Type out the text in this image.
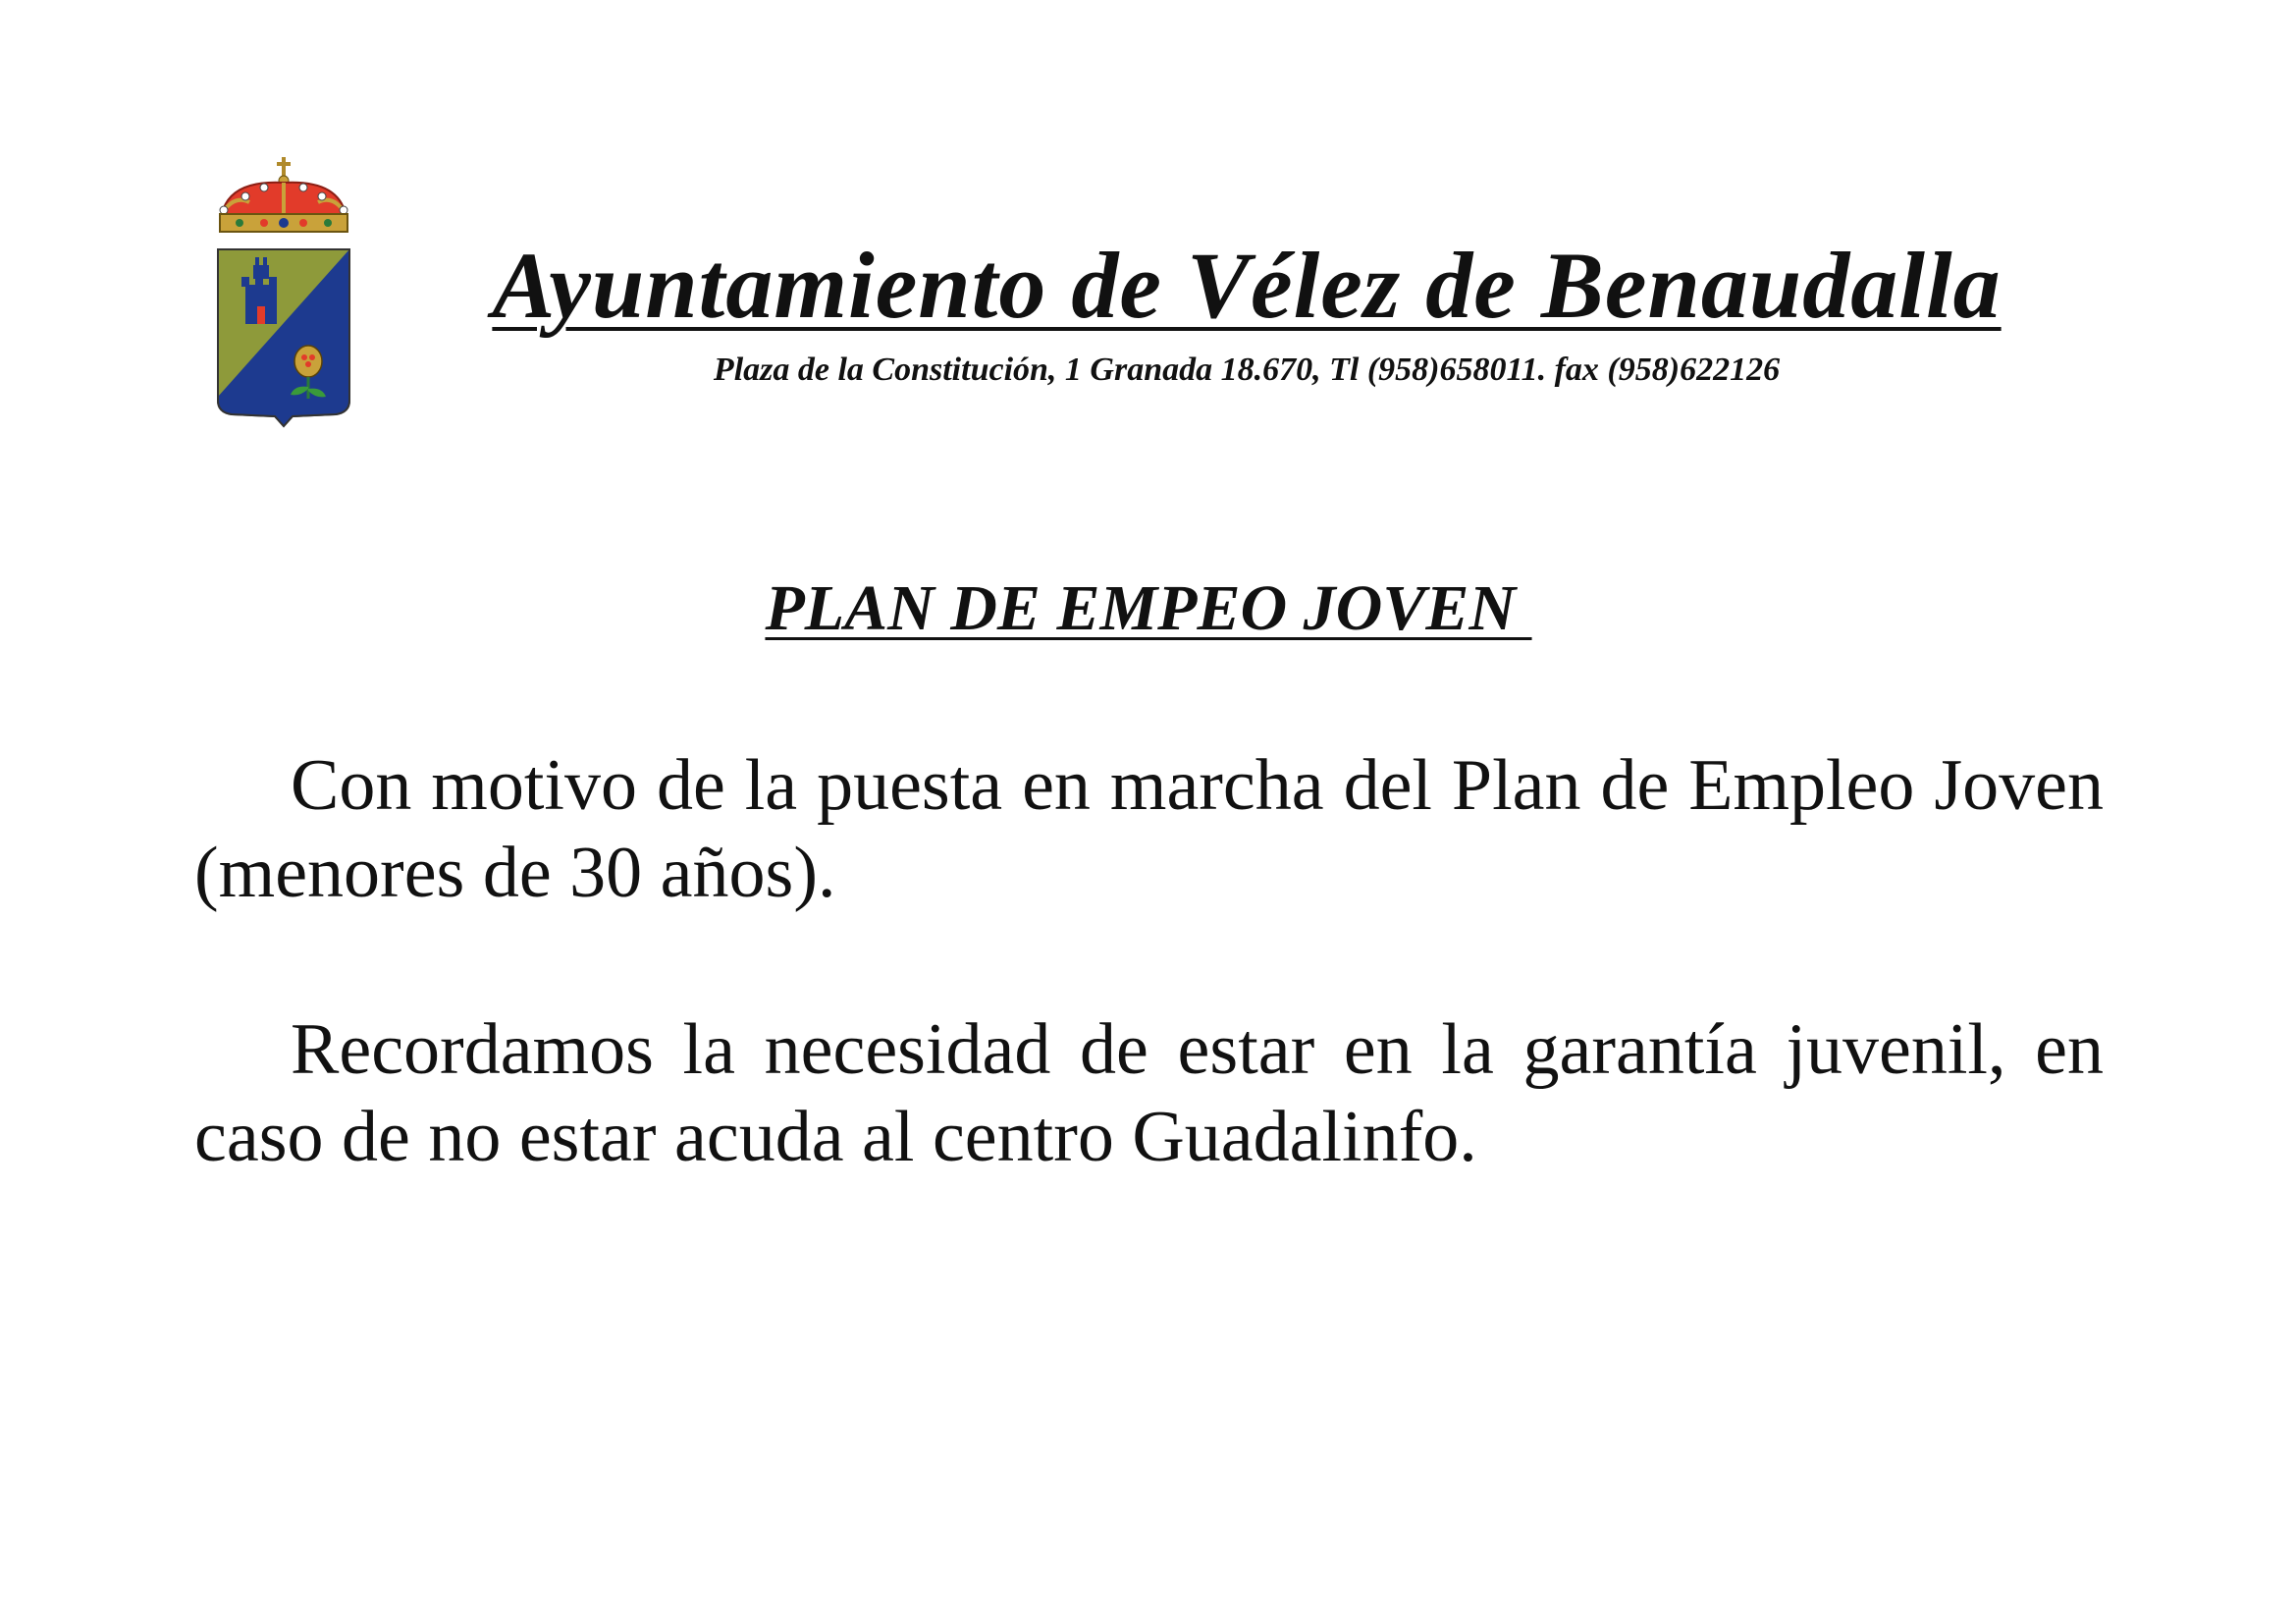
Ayuntamiento de Vélez de Benaudalla
Plaza de la Constitución, 1 Granada 18.670, Tl (958)658011. fax (958)622126
PLAN DE EMPEO JOVEN

Con motivo de la puesta en marcha del Plan de Empleo Joven (menores de 30 años).

Recordamos la necesidad de estar en la garantía juvenil, en caso de no estar acuda al centro Guadalinfo.
